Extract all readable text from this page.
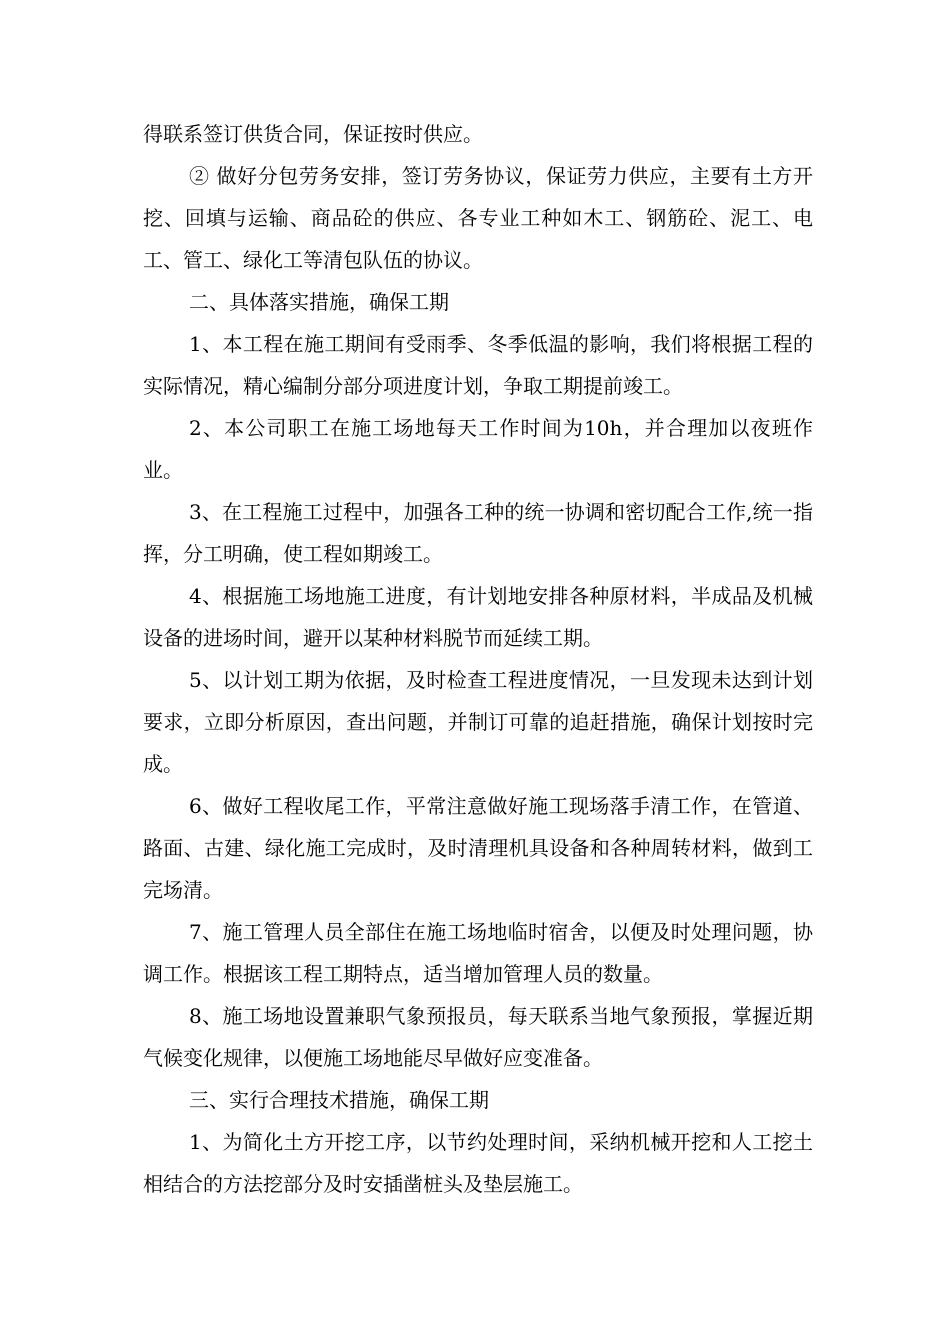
得联系签订供货合同，保证按时供应。

② 做好分包劳务安排，签订劳务协议，保证劳力供应，主要有土方开挖、回填与运输、商品砼的供应、各专业工种如木工、钢筋砼、泥工、电工、管工、绿化工等清包队伍的协议。

二、具体落实措施，确保工期

1、本工程在施工期间有受雨季、冬季低温的影响，我们将根据工程的实际情况，精心编制分部分项进度计划，争取工期提前竣工。

2、本公司职工在施工场地每天工作时间为10h，并合理加以夜班作业。

3、在工程施工过程中，加强各工种的统一协调和密切配合工作,统一指挥，分工明确，使工程如期竣工。

4、根据施工场地施工进度，有计划地安排各种原材料，半成品及机械设备的进场时间，避开以某种材料脱节而延续工期。

5、以计划工期为依据，及时检查工程进度情况，一旦发现未达到计划要求，立即分析原因，查出问题，并制订可靠的追赶措施，确保计划按时完成。

6、做好工程收尾工作，平常注意做好施工现场落手清工作，在管道、路面、古建、绿化施工完成时，及时清理机具设备和各种周转材料，做到工完场清。

7、施工管理人员全部住在施工场地临时宿舍，以便及时处理问题，协调工作。根据该工程工期特点，适当增加管理人员的数量。

8、施工场地设置兼职气象预报员，每天联系当地气象预报，掌握近期气候变化规律，以便施工场地能尽早做好应变准备。

三、实行合理技术措施，确保工期

1、为简化土方开挖工序，以节约处理时间，采纳机械开挖和人工挖土相结合的方法挖部分及时安插凿桩头及垫层施工。
